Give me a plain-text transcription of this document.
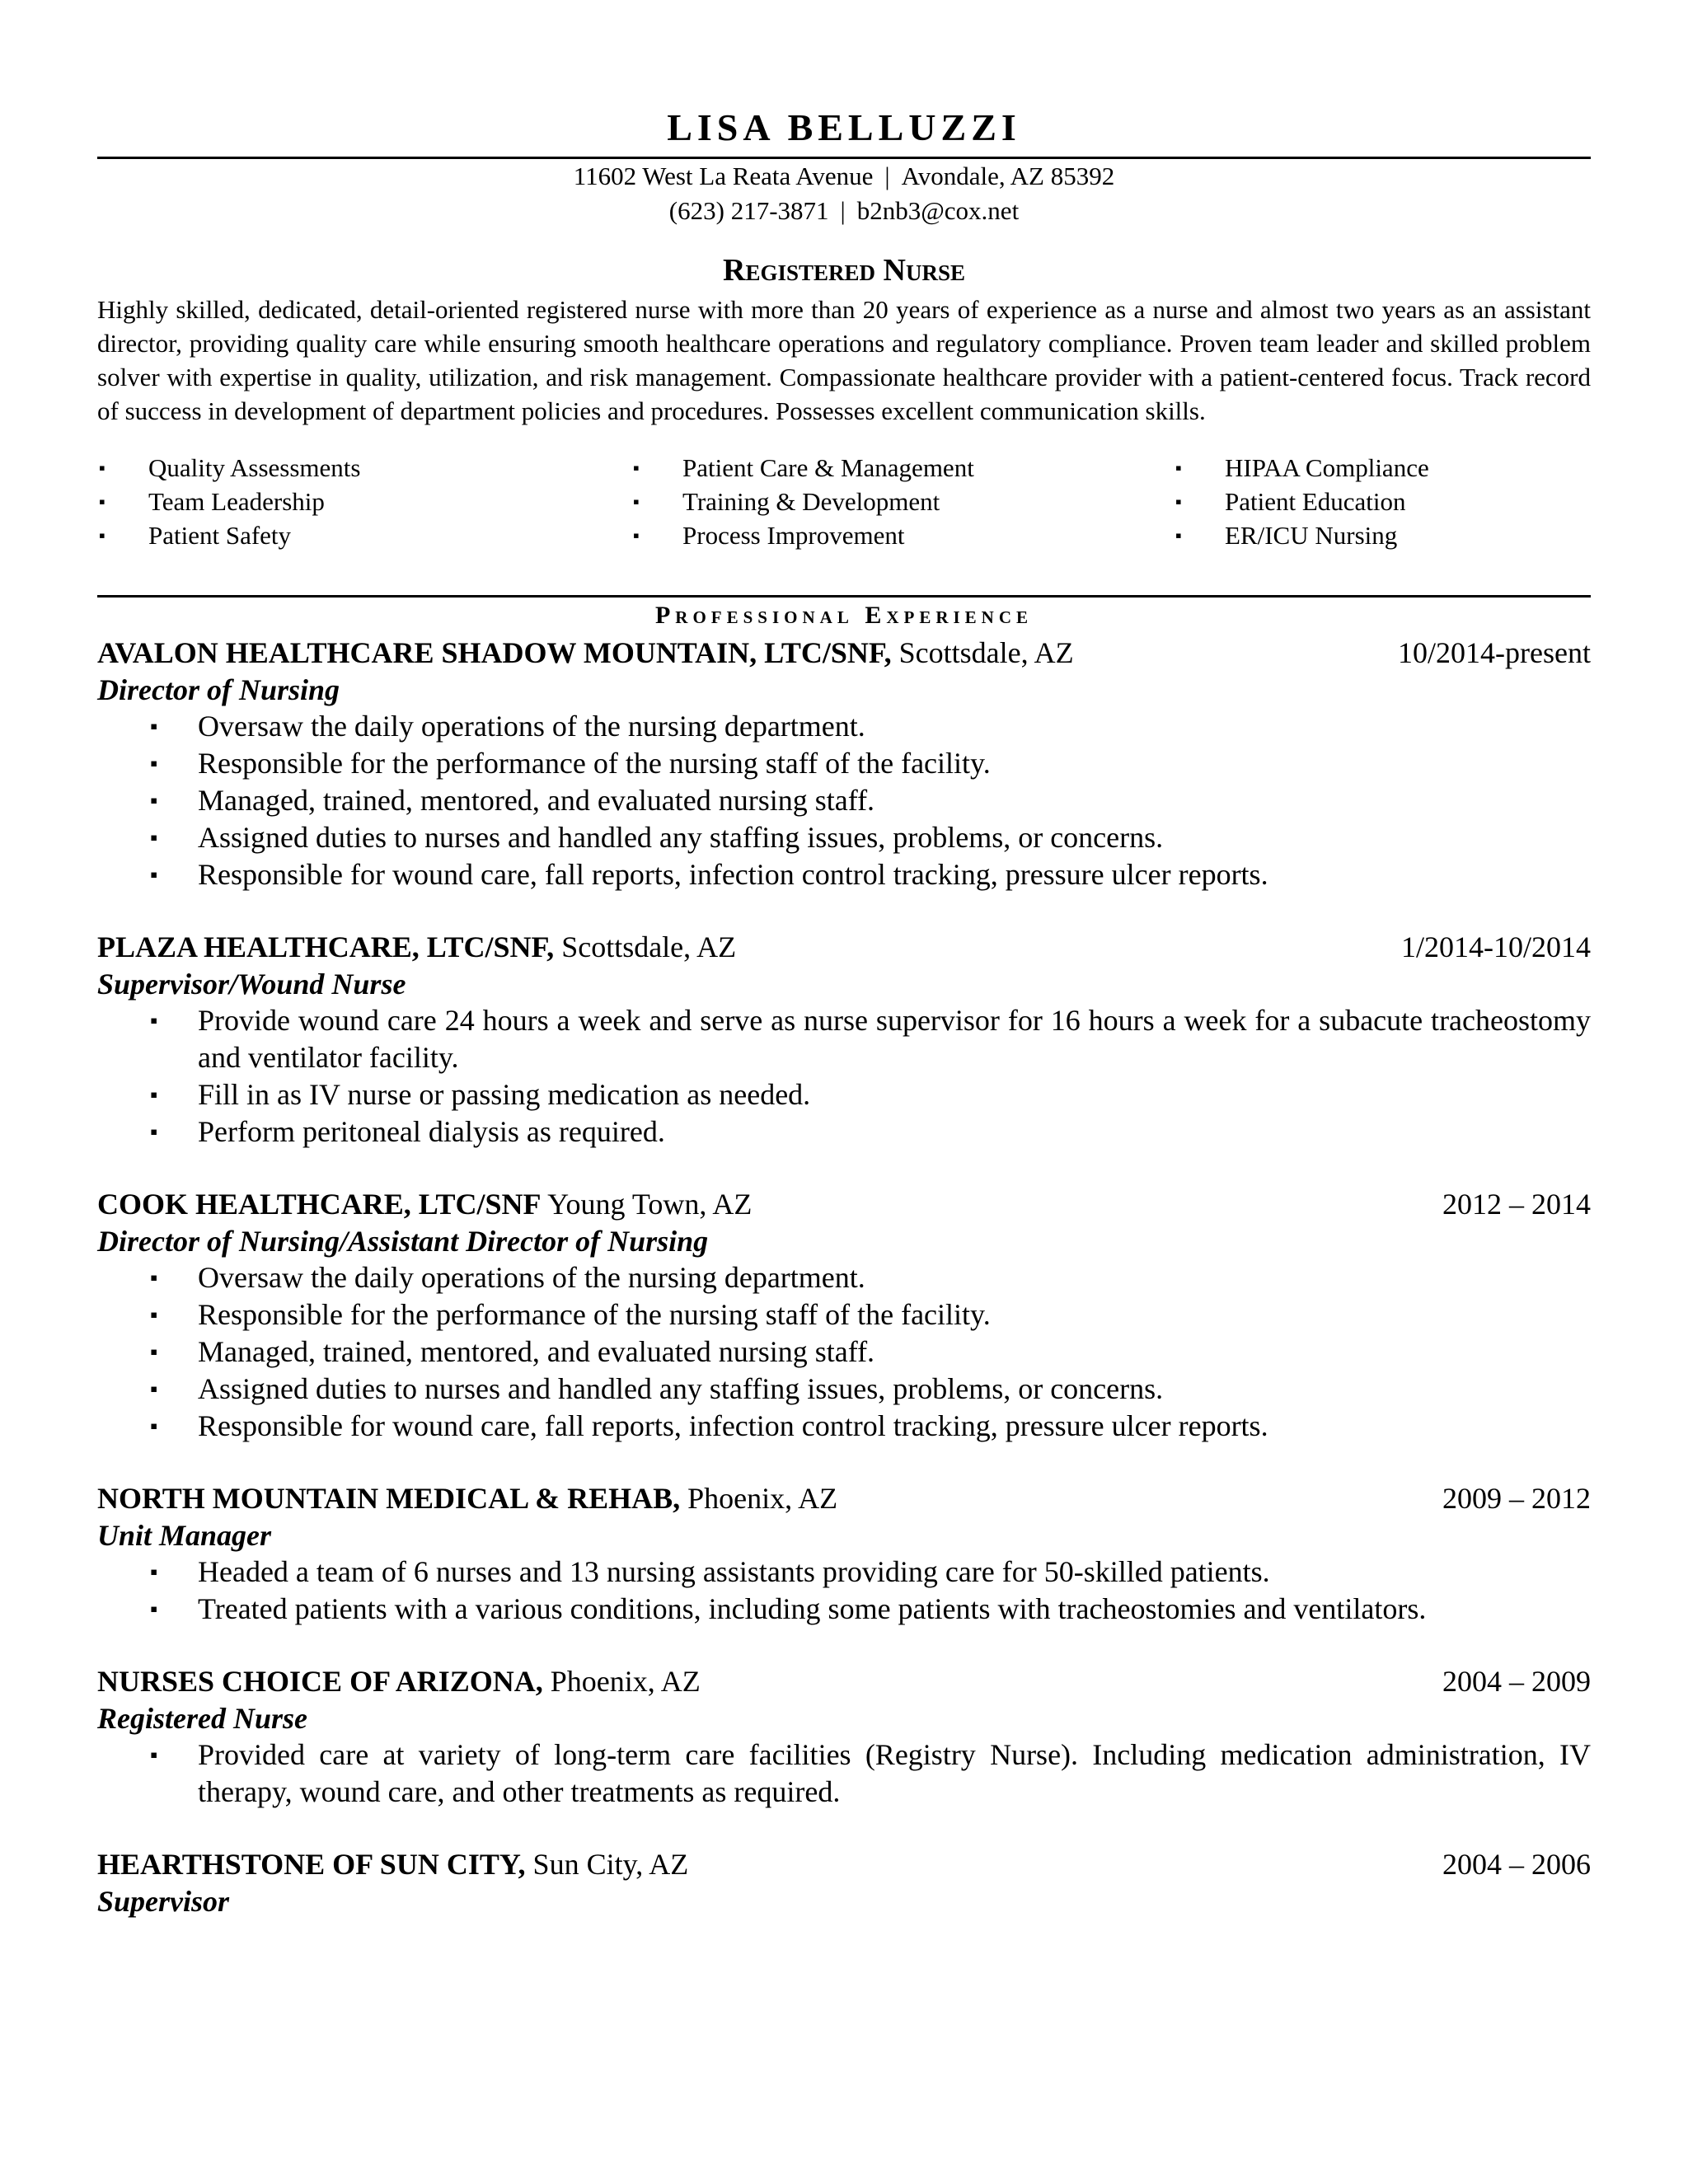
LISA BELLUZZI
11602 West La Reata Avenue | Avondale, AZ 85392
(623) 217-3871 | b2nb3@cox.net
Registered Nurse
Highly skilled, dedicated, detail-oriented registered nurse with more than 20 years of experience as a nurse and almost two years as an assistant director, providing quality care while ensuring smooth healthcare operations and regulatory compliance. Proven team leader and skilled problem solver with expertise in quality, utilization, and risk management. Compassionate healthcare provider with a patient-centered focus. Track record of success in development of department policies and procedures. Possesses excellent communication skills.
▪ Quality Assessments	▪ Patient Care & Management	▪ HIPAA Compliance
▪ Team Leadership	▪ Training & Development	▪ Patient Education
▪ Patient Safety	▪ Process Improvement	▪ ER/ICU Nursing
Professional Experience
AVALON HEALTHCARE SHADOW MOUNTAIN, LTC/SNF, Scottsdale, AZ	10/2014-present
Director of Nursing
▪ Oversaw the daily operations of the nursing department.
▪ Responsible for the performance of the nursing staff of the facility.
▪ Managed, trained, mentored, and evaluated nursing staff.
▪ Assigned duties to nurses and handled any staffing issues, problems, or concerns.
▪ Responsible for wound care, fall reports, infection control tracking, pressure ulcer reports.
PLAZA HEALTHCARE, LTC/SNF, Scottsdale, AZ	1/2014-10/2014
Supervisor/Wound Nurse
▪ Provide wound care 24 hours a week and serve as nurse supervisor for 16 hours a week for a subacute tracheostomy and ventilator facility.
▪ Fill in as IV nurse or passing medication as needed.
▪ Perform peritoneal dialysis as required.
COOK HEALTHCARE, LTC/SNF Young Town, AZ	2012 – 2014
Director of Nursing/Assistant Director of Nursing
▪ Oversaw the daily operations of the nursing department.
▪ Responsible for the performance of the nursing staff of the facility.
▪ Managed, trained, mentored, and evaluated nursing staff.
▪ Assigned duties to nurses and handled any staffing issues, problems, or concerns.
▪ Responsible for wound care, fall reports, infection control tracking, pressure ulcer reports.
NORTH MOUNTAIN MEDICAL & REHAB, Phoenix, AZ	2009 – 2012
Unit Manager
▪ Headed a team of 6 nurses and 13 nursing assistants providing care for 50-skilled patients.
▪ Treated patients with a various conditions, including some patients with tracheostomies and ventilators.
NURSES CHOICE OF ARIZONA, Phoenix, AZ	2004 – 2009
Registered Nurse
▪ Provided care at variety of long-term care facilities (Registry Nurse). Including medication administration, IV therapy, wound care, and other treatments as required.
HEARTHSTONE OF SUN CITY, Sun City, AZ	2004 – 2006
Supervisor
